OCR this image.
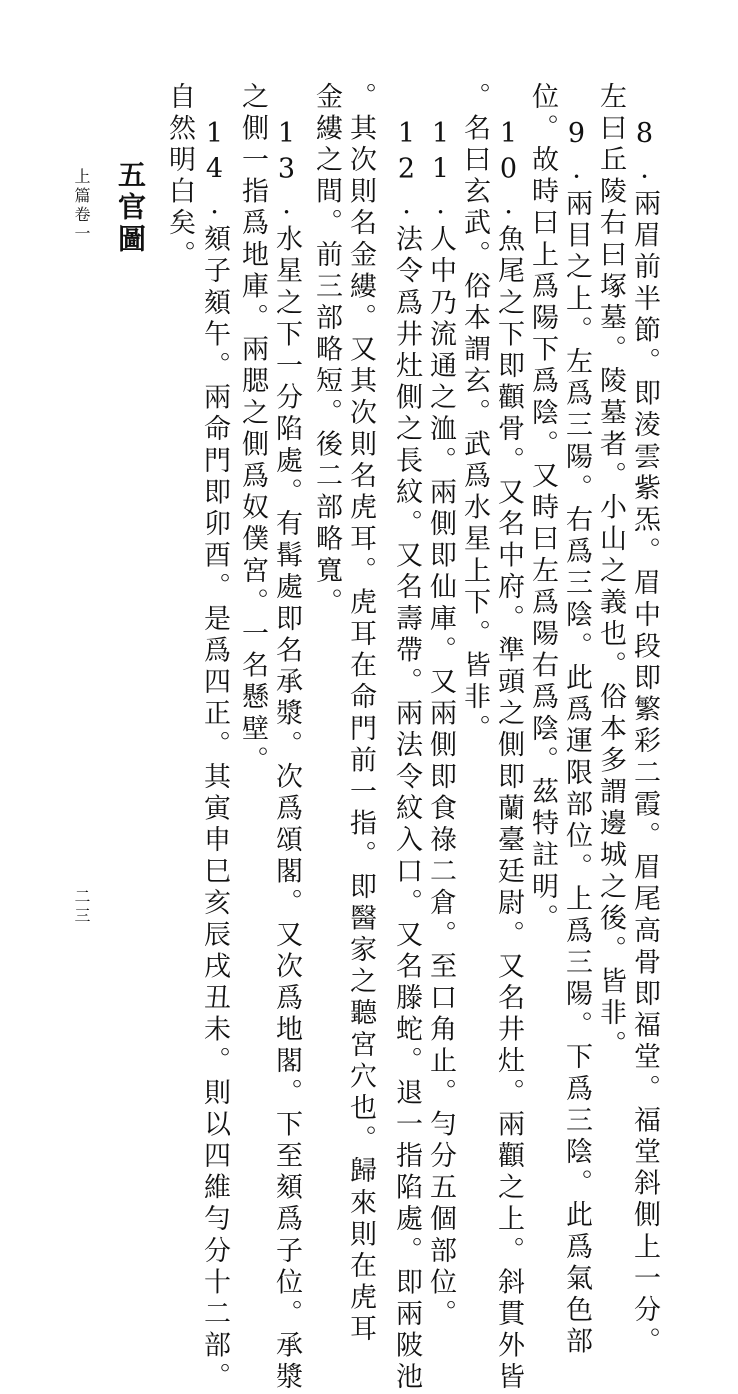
8.兩眉前半節。即淩雲紫炁。眉中段即繁彩二霞。眉尾高骨即福堂。福堂斜側上一分。
左曰丘陵右曰塚墓。陵墓者。小山之義也。俗本多謂邊城之後。皆非。
9.兩目之上。左爲三陽。右爲三陰。此爲運限部位。上爲三陽。下爲三陰。此爲氣色部
位。故時曰上爲陽下爲陰。又時曰左爲陽右爲陰。茲特註明。
10.魚尾之下即顴骨。又名中府。準頭之側即蘭臺廷尉。又名井灶。兩顴之上。斜貫外皆
。名曰玄武。俗本謂玄。武爲水星上下。皆非。
11.人中乃流通之洫。兩側即仙庫。又兩側即食祿二倉。至口角止。勻分五個部位。
12.法令爲井灶側之長紋。又名壽帶。兩法令紋入口。又名滕蛇。退一指陷處。即兩陂池
。其次則名金縷。又其次則名虎耳。虎耳在命門前一指。即醫家之聽宮穴也。歸來則在虎耳
金縷之間。前三部略短。後二部略寬。
13.水星之下一分陷處。有髯處即名承漿。次爲頌閣。又次爲地閣。下至頦爲子位。承漿
之側一指爲地庫。兩腮之側爲奴僕宮。一名懸壁。
14.頦子頦午。兩命門即卯酉。是爲四正。其寅申巳亥辰戌丑未。則以四維勻分十二部。
自然明白矣。
五官圖
上篇卷一
二三
